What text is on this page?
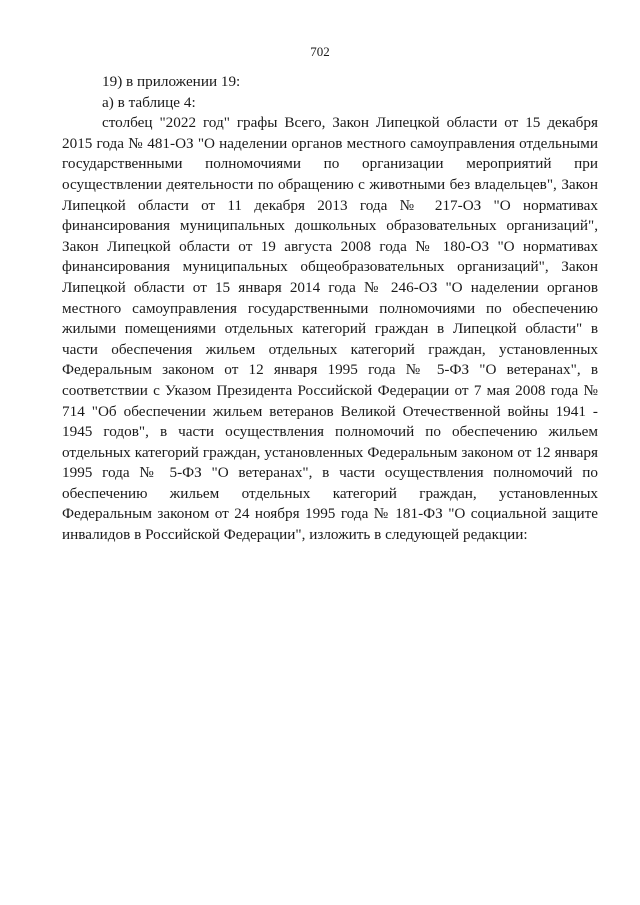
702

19) в приложении 19:

а) в таблице 4:

столбец "2022 год" графы Всего, Закон Липецкой области от 15 декабря

2015 года № 481-ОЗ "О наделении органов местного самоуправления отдельными

государственными полномочиями по организации мероприятий при

осуществлении деятельности по обращению с животными без владельцев", Закон

Липецкой области от 11 декабря 2013 года № 217-ОЗ "О нормативах

финансирования муниципальных дошкольных образовательных организаций",

Закон Липецкой области от 19 августа 2008 года № 180-ОЗ "О нормативах

финансирования муниципальных общеобразовательных организаций", Закон

Липецкой области от 15 января 2014 года № 246-ОЗ "О наделении органов

местного самоуправления государственными полномочиями по обеспечению

жилыми помещениями отдельных категорий граждан в Липецкой области" в

части обеспечения жильем отдельных категорий граждан, установленных

Федеральным законом от 12 января 1995 года № 5-ФЗ "О ветеранах", в

соответствии с Указом Президента Российской Федерации от 7 мая 2008 года №

714 "Об обеспечении жильем ветеранов Великой Отечественной войны 1941 -

1945 годов", в части осуществления полномочий по обеспечению жильем

отдельных категорий граждан, установленных Федеральным законом от 12 января

1995 года № 5-ФЗ "О ветеранах", в части осуществления полномочий по

обеспечению жильем отдельных категорий граждан, установленных

Федеральным законом от 24 ноября 1995 года № 181-ФЗ "О социальной защите

инвалидов в Российской Федерации", изложить в следующей редакции:
